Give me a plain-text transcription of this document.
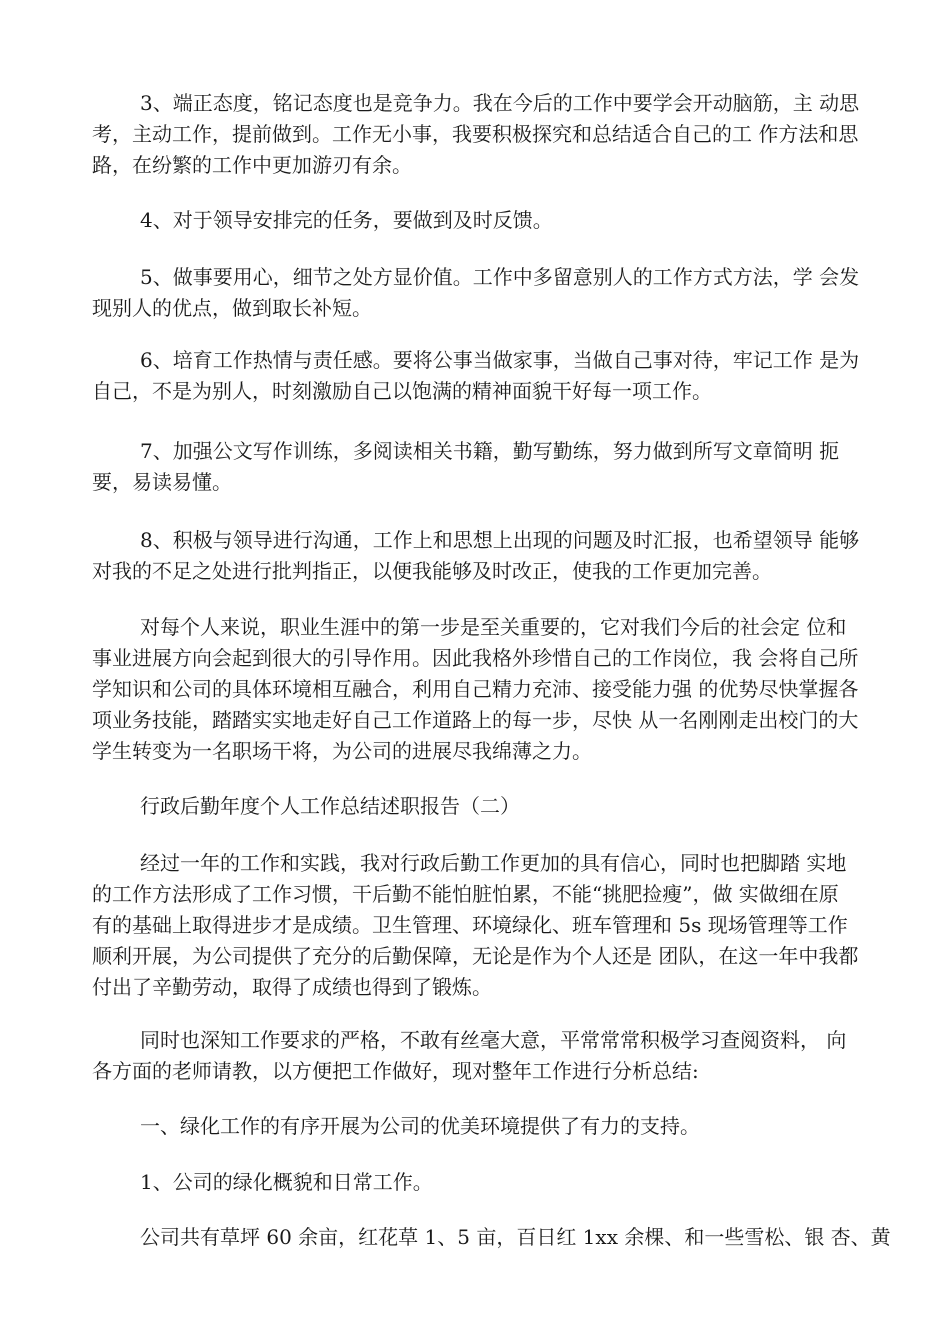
3、端正态度，铭记态度也是竞争力。我在今后的工作中要学会开动脑筋，主 动思
考，主动工作，提前做到。工作无小事，我要积极探究和总结适合自己的工 作方法和思
路，在纷繁的工作中更加游刃有余。
4、对于领导安排完的任务，要做到及时反馈。
5、做事要用心，细节之处方显价值。工作中多留意别人的工作方式方法，学 会发
现别人的优点，做到取长补短。
6、培育工作热情与责任感。要将公事当做家事，当做自己事对待，牢记工作 是为
自己，不是为别人，时刻激励自己以饱满的精神面貌干好每一项工作。
7、加强公文写作训练，多阅读相关书籍，勤写勤练，努力做到所写文章简明 扼
要，易读易懂。
8、积极与领导进行沟通，工作上和思想上出现的问题及时汇报，也希望领导 能够
对我的不足之处进行批判指正，以便我能够及时改正，使我的工作更加完善。
对每个人来说，职业生涯中的第一步是至关重要的，它对我们今后的社会定 位和
事业进展方向会起到很大的引导作用。因此我格外珍惜自己的工作岗位，我 会将自己所
学知识和公司的具体环境相互融合，利用自己精力充沛、接受能力强 的优势尽快掌握各
项业务技能，踏踏实实地走好自己工作道路上的每一步，尽快 从一名刚刚走出校门的大
学生转变为一名职场干将，为公司的进展尽我绵薄之力。
行政后勤年度个人工作总结述职报告（二）
经过一年的工作和实践，我对行政后勤工作更加的具有信心，同时也把脚踏 实地
的工作方法形成了工作习惯，干后勤不能怕脏怕累，不能“挑肥捡瘦”，做 实做细在原
有的基础上取得进步才是成绩。卫生管理、环境绿化、班车管理和 5s 现场管理等工作
顺利开展，为公司提供了充分的后勤保障，无论是作为个人还是 团队，在这一年中我都
付出了辛勤劳动，取得了成绩也得到了锻炼。
同时也深知工作要求的严格，不敢有丝毫大意，平常常常积极学习查阅资料， 向
各方面的老师请教，以方便把工作做好，现对整年工作进行分析总结:
一、绿化工作的有序开展为公司的优美环境提供了有力的支持。
1、公司的绿化概貌和日常工作。
公司共有草坪 60 余亩，红花草 1、5 亩，百日红 1xx 余棵、和一些雪松、银 杏、黄
